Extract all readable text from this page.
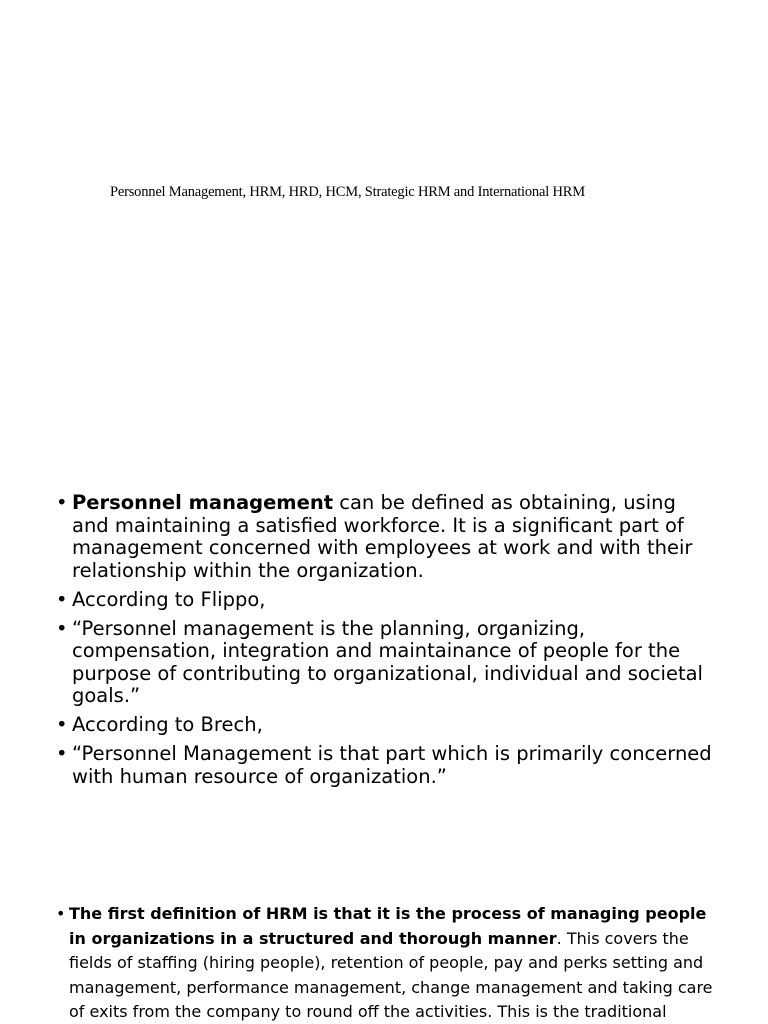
Personnel Management, HRM, HRD, HCM, Strategic HRM and International HRM
• Personnel management can be defined as obtaining, using and maintaining a satisfied workforce. It is a significant part of management concerned with employees at work and with their relationship within the organization.
• According to Flippo,
• “Personnel management is the planning, organizing, compensation, integration and maintainance of people for the purpose of contributing to organizational, individual and societal goals.”
• According to Brech,
• “Personnel Management is that part which is primarily concerned with human resource of organization.”
• The first definition of HRM is that it is the process of managing people in organizations in a structured and thorough manner. This covers the fields of staffing (hiring people), retention of people, pay and perks setting and management, performance management, change management and taking care of exits from the company to round off the activities. This is the traditional
